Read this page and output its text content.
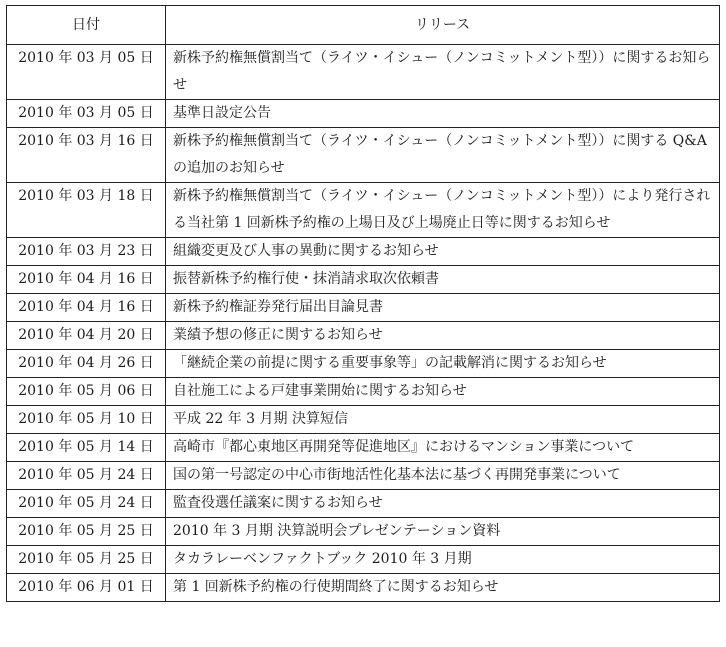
日付	リリース
2010 年 03 月 05 日	新株予約権無償割当て（ライツ・イシュー（ノンコミットメント型））に関するお知らせ
2010 年 03 月 05 日	基準日設定公告
2010 年 03 月 16 日	新株予約権無償割当て（ライツ・イシュー（ノンコミットメント型））に関する Q&A の追加のお知らせ
2010 年 03 月 18 日	新株予約権無償割当て（ライツ・イシュー（ノンコミットメント型））により発行される当社第 1 回新株予約権の上場日及び上場廃止日等に関するお知らせ
2010 年 03 月 23 日	組織変更及び人事の異動に関するお知らせ
2010 年 04 月 16 日	振替新株予約権行使・抹消請求取次依頼書
2010 年 04 月 16 日	新株予約権証券発行届出目論見書
2010 年 04 月 20 日	業績予想の修正に関するお知らせ
2010 年 04 月 26 日	「継続企業の前提に関する重要事象等」の記載解消に関するお知らせ
2010 年 05 月 06 日	自社施工による戸建事業開始に関するお知らせ
2010 年 05 月 10 日	平成 22 年 3 月期 決算短信
2010 年 05 月 14 日	高崎市『都心東地区再開発等促進地区』におけるマンション事業について
2010 年 05 月 24 日	国の第一号認定の中心市街地活性化基本法に基づく再開発事業について
2010 年 05 月 24 日	監査役選任議案に関するお知らせ
2010 年 05 月 25 日	2010 年 3 月期 決算説明会プレゼンテーション資料
2010 年 05 月 25 日	タカラレーベンファクトブック 2010 年 3 月期
2010 年 06 月 01 日	第 1 回新株予約権の行使期間終了に関するお知らせ
